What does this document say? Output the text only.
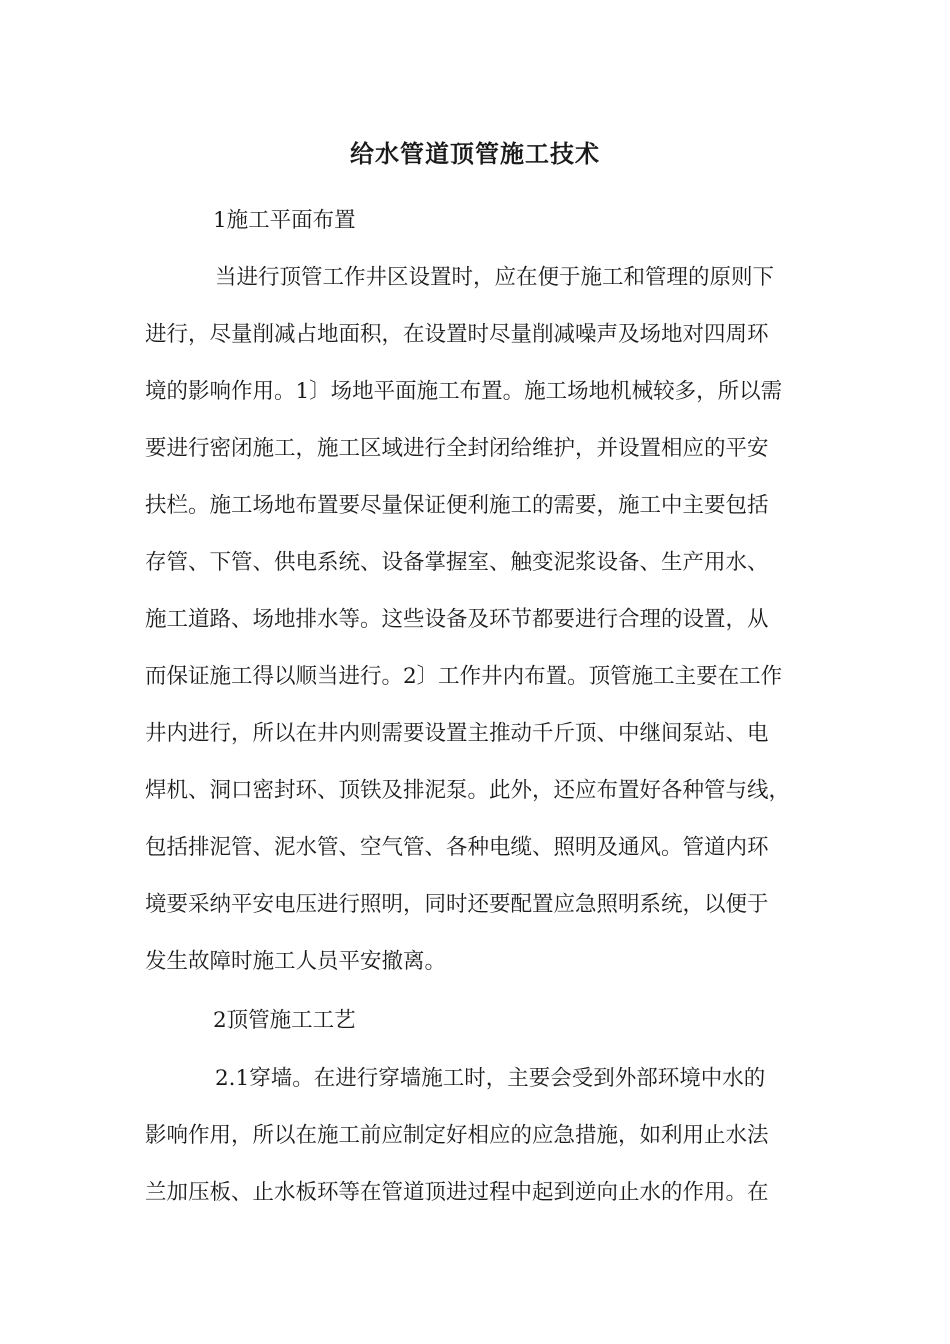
给水管道顶管施工技术
1施工平面布置
当进行顶管工作井区设置时，应在便于施工和管理的原则下
进行，尽量削减占地面积，在设置时尽量削减噪声及场地对四周环
境的影响作用。1〕场地平面施工布置。施工场地机械较多，所以需
要进行密闭施工，施工区域进行全封闭给维护，并设置相应的平安
扶栏。施工场地布置要尽量保证便利施工的需要，施工中主要包括
存管、下管、供电系统、设备掌握室、触变泥浆设备、生产用水、
施工道路、场地排水等。这些设备及环节都要进行合理的设置，从
而保证施工得以顺当进行。2〕工作井内布置。顶管施工主要在工作
井内进行，所以在井内则需要设置主推动千斤顶、中继间泵站、电
焊机、洞口密封环、顶铁及排泥泵。此外，还应布置好各种管与线，
包括排泥管、泥水管、空气管、各种电缆、照明及通风。管道内环
境要采纳平安电压进行照明，同时还要配置应急照明系统，以便于
发生故障时施工人员平安撤离。
2顶管施工工艺
2.1穿墙。在进行穿墙施工时，主要会受到外部环境中水的
影响作用，所以在施工前应制定好相应的应急措施，如利用止水法
兰加压板、止水板环等在管道顶进过程中起到逆向止水的作用。在
